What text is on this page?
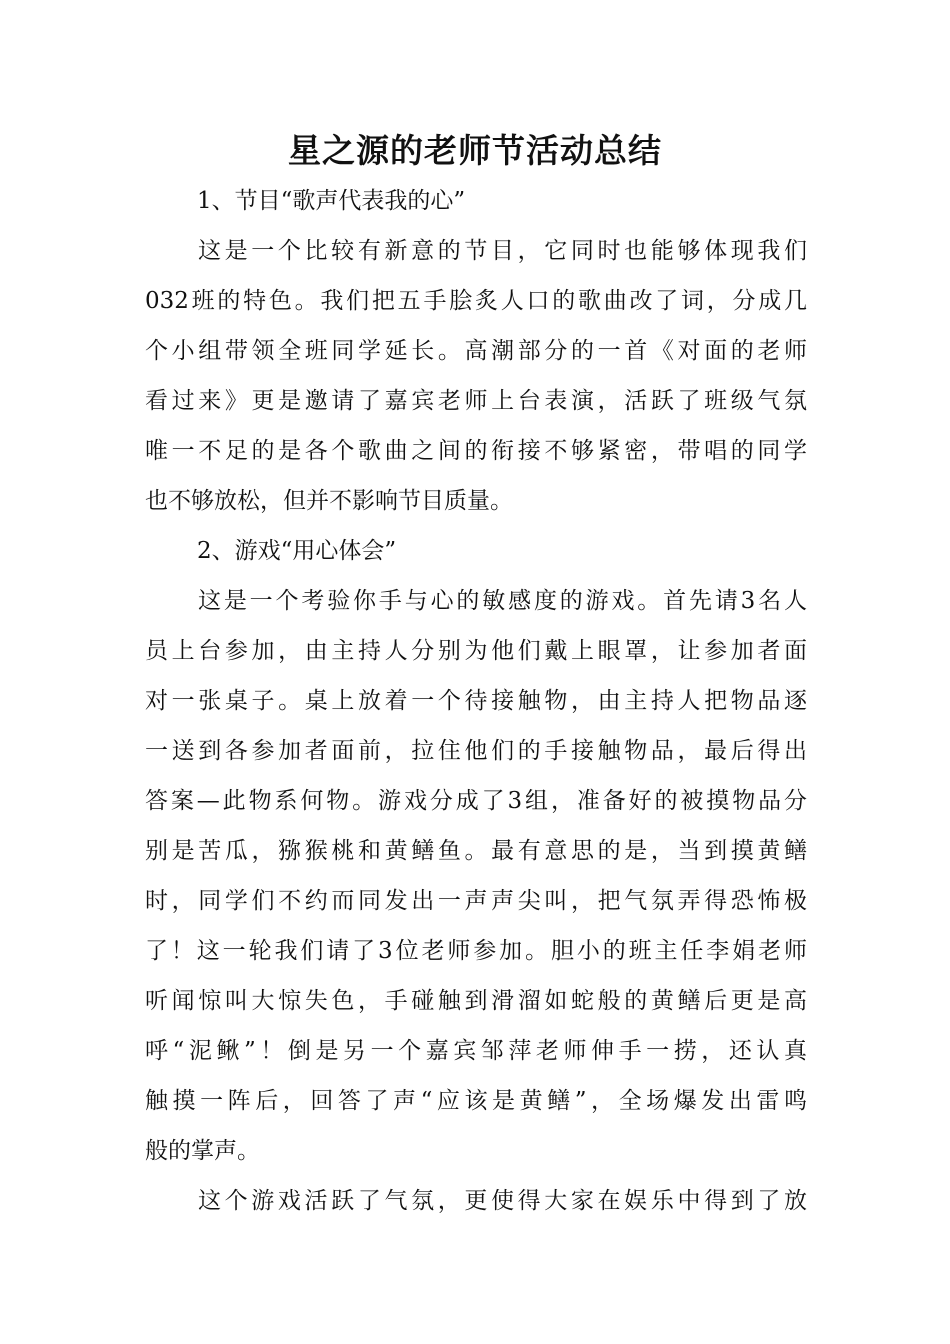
星之源的老师节活动总结
1、节目“歌声代表我的心”
这是一个比较有新意的节目，它同时也能够体现我们
032班的特色。我们把五手脍炙人口的歌曲改了词，分成几
个小组带领全班同学延长。高潮部分的一首《对面的老师
看过来》更是邀请了嘉宾老师上台表演，活跃了班级气氛
唯一不足的是各个歌曲之间的衔接不够紧密，带唱的同学
也不够放松，但并不影响节目质量。
2、游戏“用心体会”
这是一个考验你手与心的敏感度的游戏。首先请3名人
员上台参加，由主持人分别为他们戴上眼罩，让参加者面
对一张桌子。桌上放着一个待接触物，由主持人把物品逐
一送到各参加者面前，拉住他们的手接触物品，最后得出
答案—此物系何物。游戏分成了3组，准备好的被摸物品分
别是苦瓜，猕猴桃和黄鳝鱼。最有意思的是，当到摸黄鳝
时，同学们不约而同发出一声声尖叫，把气氛弄得恐怖极
了！这一轮我们请了3位老师参加。胆小的班主任李娟老师
听闻惊叫大惊失色，手碰触到滑溜如蛇般的黄鳝后更是高
呼“泥鳅”！倒是另一个嘉宾邹萍老师伸手一捞，还认真
触摸一阵后，回答了声“应该是黄鳝”，全场爆发出雷鸣
般的掌声。
这个游戏活跃了气氛，更使得大家在娱乐中得到了放
